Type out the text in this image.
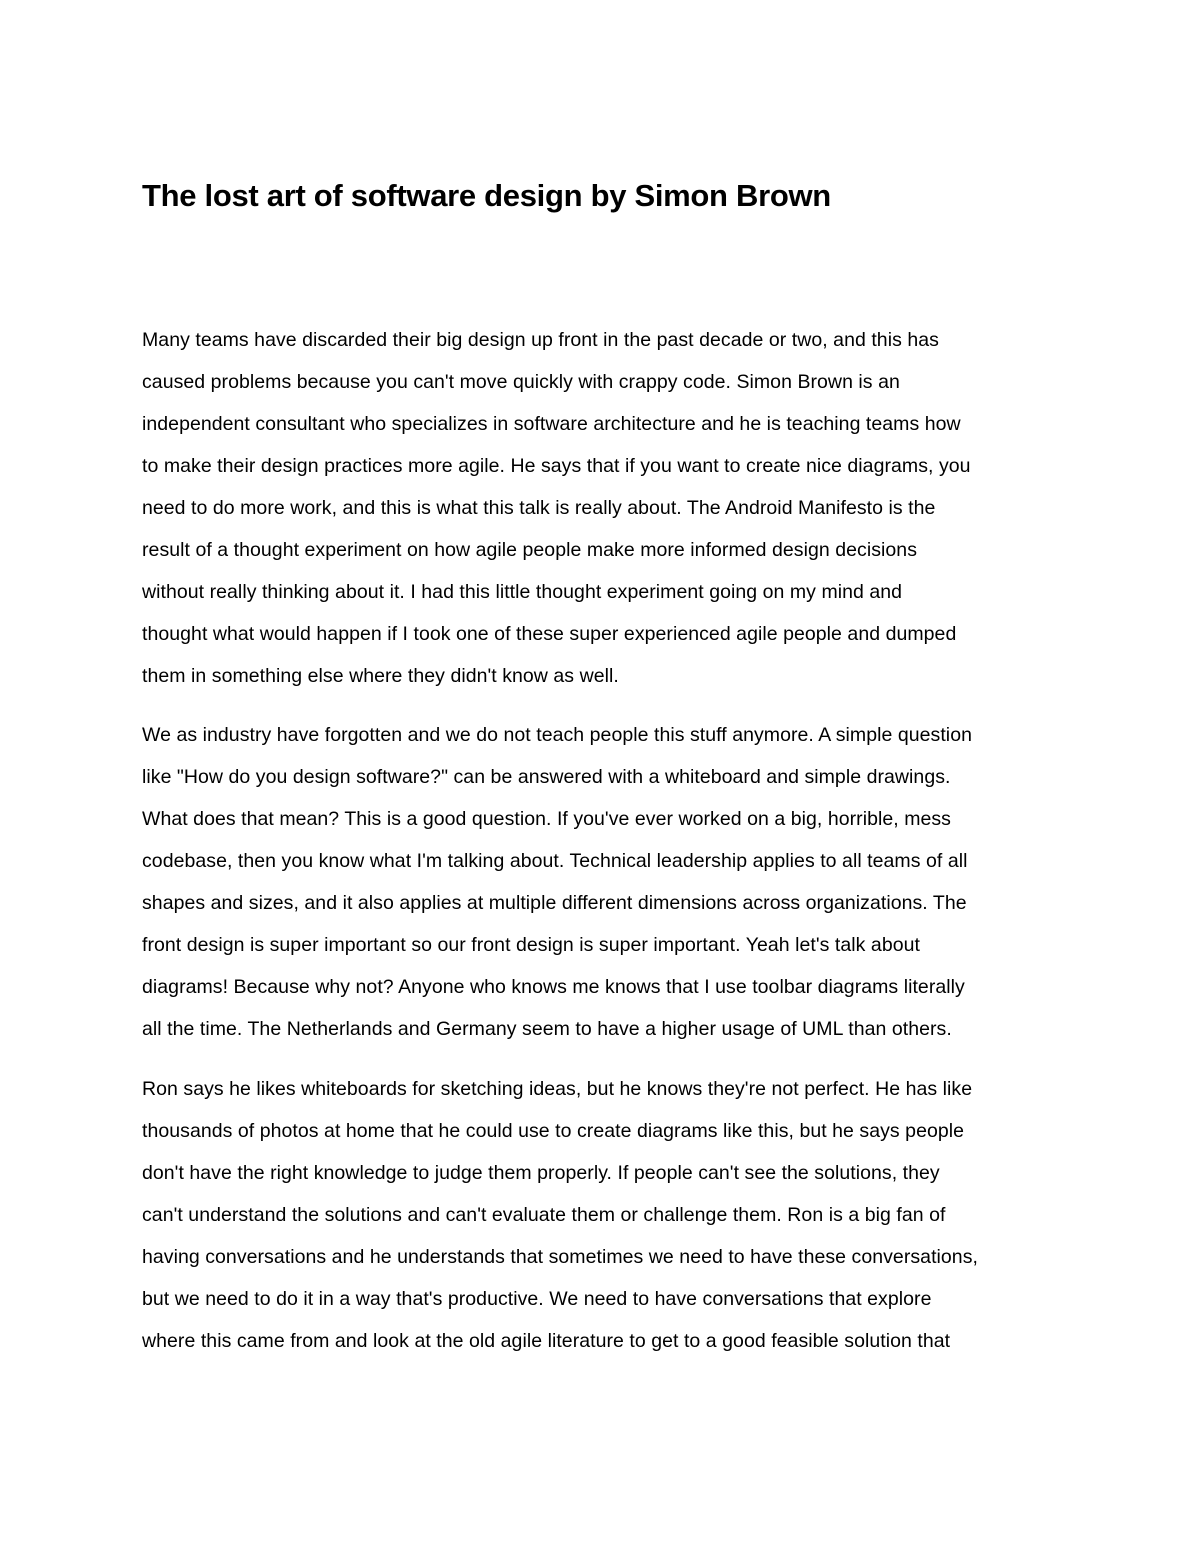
The lost art of software design by Simon Brown

Many teams have discarded their big design up front in the past decade or two, and this has
caused problems because you can't move quickly with crappy code. Simon Brown is an
independent consultant who specializes in software architecture and he is teaching teams how
to make their design practices more agile. He says that if you want to create nice diagrams, you
need to do more work, and this is what this talk is really about. The Android Manifesto is the
result of a thought experiment on how agile people make more informed design decisions
without really thinking about it. I had this little thought experiment going on my mind and
thought what would happen if I took one of these super experienced agile people and dumped
them in something else where they didn't know as well.

We as industry have forgotten and we do not teach people this stuff anymore. A simple question
like "How do you design software?" can be answered with a whiteboard and simple drawings.
What does that mean? This is a good question. If you've ever worked on a big, horrible, mess
codebase, then you know what I'm talking about. Technical leadership applies to all teams of all
shapes and sizes, and it also applies at multiple different dimensions across organizations. The
front design is super important so our front design is super important. Yeah let's talk about
diagrams! Because why not? Anyone who knows me knows that I use toolbar diagrams literally
all the time. The Netherlands and Germany seem to have a higher usage of UML than others.

Ron says he likes whiteboards for sketching ideas, but he knows they're not perfect. He has like
thousands of photos at home that he could use to create diagrams like this, but he says people
don't have the right knowledge to judge them properly. If people can't see the solutions, they
can't understand the solutions and can't evaluate them or challenge them. Ron is a big fan of
having conversations and he understands that sometimes we need to have these conversations,
but we need to do it in a way that's productive. We need to have conversations that explore
where this came from and look at the old agile literature to get to a good feasible solution that
